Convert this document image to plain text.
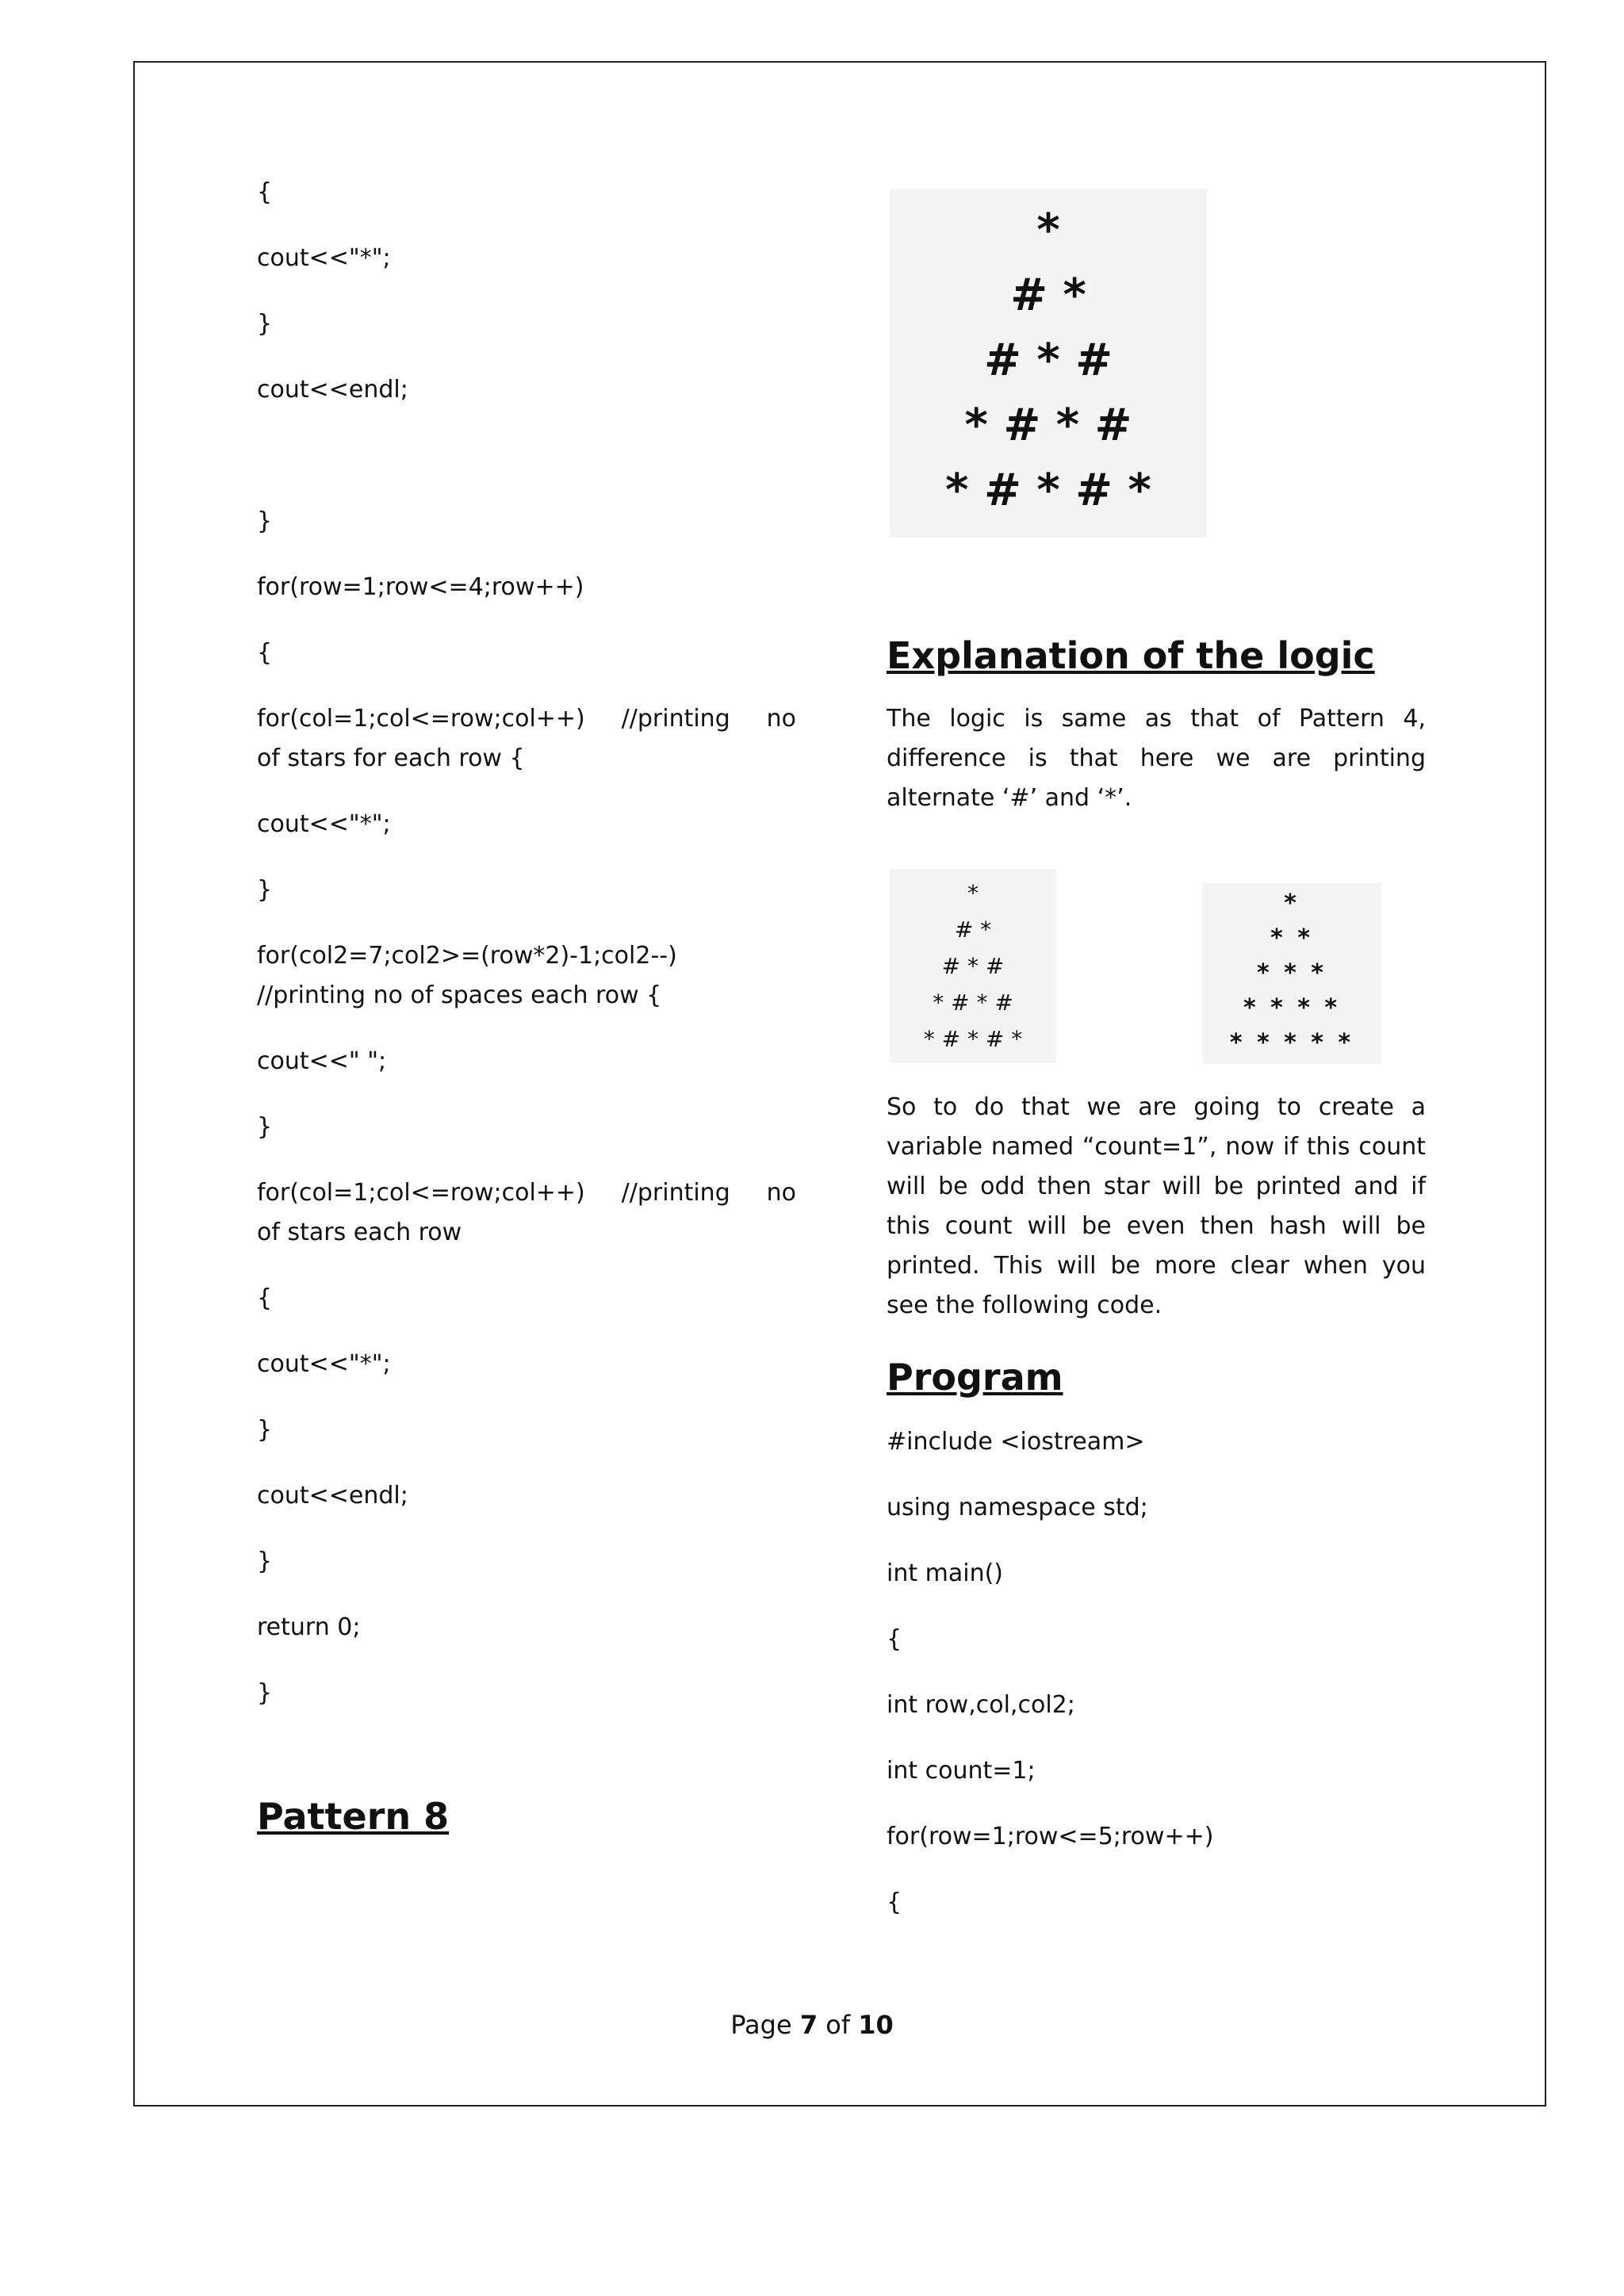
{

cout<<"*";

}

cout<<endl;

}

for(row=1;row<=4;row++)

{

for(col=1;col<=row;col++)   //printing   no   of stars for each row {

cout<<"*";

}

for(col2=7;col2>=(row*2)-1;col2--)   //printing no of spaces each row {

cout<<" ";

}

for(col=1;col<=row;col++)   //printing   no   of stars each row

{

cout<<"*";

}

cout<<endl;

}

return 0;

}

Pattern 8
*
# *
# * #
* # * #
* # * # *
Explanation of the logic

The logic is same as that of Pattern 4, difference is that here we are printing alternate ‘#’ and ‘*’.

*
# *
# * #
* # * #
* # * # *
*
* *
* * *
* * * *
* * * * *

So to do that we are going to create a variable named “count=1”, now if this count will be odd then star will be printed and if this count will be even then hash will be printed. This will be more clear when you see the following code.

Program

#include <iostream>

using namespace std;

int main()

{

int row,col,col2;

int count=1;

for(row=1;row<=5;row++)

{

Page 7 of 10
